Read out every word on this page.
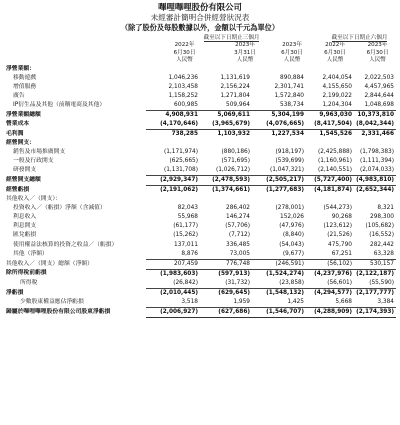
嗶哩嗶哩股份有限公司
未經審計簡明合併經營狀況表
（除了股份及每股數據以外，金額以千元為單位）
截至以下日期止三個月	截至以下日期止六個月
2022年	2023年	2023年	2022年	2023年
6月30日	3月31日	6月30日	6月30日	6月30日
人民幣	人民幣	人民幣	人民幣	人民幣
淨營業額：					
移動遊戲	1,046,236	1,131,619	890,884	2,404,054	2,022,503
增值服務	2,103,458	2,156,224	2,301,741	4,155,650	4,457,965
廣告	1,158,252	1,271,804	1,572,840	2,199,022	2,844,644
IP衍生品及其他（前稱電商及其他）	600,985	509,964	538,734	1,204,304	1,048,698
淨營業額總額	4,908,931	5,069,611	5,304,199	9,963,030	10,373,810
營業成本	(4,170,646)	(3,965,679)	(4,076,665)	(8,417,504)	(8,042,344)
毛利潤	738,285	1,103,932	1,227,534	1,545,526	2,331,466
經營開支：					
銷售及市場推廣開支	(1,171,974)	(880,186)	(918,197)	(2,425,888)	(1,798,383)
一般及行政開支	(625,665)	(571,695)	(539,699)	(1,160,961)	(1,111,394)
研發開支	(1,131,708)	(1,026,712)	(1,047,321)	(2,140,551)	(2,074,033)
經營開支總額	(2,929,347)	(2,478,593)	(2,505,217)	(5,727,400)	(4,983,810)
經營虧損	(2,191,062)	(1,374,661)	(1,277,683)	(4,181,874)	(2,652,344)
其他收入／（開支）：					
投資收入／（虧損）淨額（含減值）	82,043	286,402	(278,001)	(544,273)	8,321
利息收入	55,968	146,274	152,026	90,268	298,300
利息開支	(61,177)	(57,706)	(47,976)	(123,612)	(105,682)
匯兌虧損	(15,262)	(7,712)	(8,840)	(21,526)	(16,552)
使用權益法核算的投資之收益／（虧損）	137,011	336,485	(54,043)	475,790	282,442
其他（淨額）	8,876	73,005	(9,677)	67,251	63,328
其他收入／（開支）總額（淨額）	207,459	776,748	(246,591)	(56,102)	530,157
除所得稅前虧損	(1,983,603)	(597,913)	(1,524,274)	(4,237,976)	(2,122,187)
所得稅	(26,842)	(31,732)	(23,858)	(56,601)	(55,590)
淨虧損	(2,010,445)	(629,645)	(1,548,132)	(4,294,577)	(2,177,777)
少數股東權益應佔淨虧損	3,518	1,959	1,425	5,668	3,384
歸屬於嗶哩嗶哩股份有限公司股東淨虧損	(2,006,927)	(627,686)	(1,546,707)	(4,288,909)	(2,174,393)
